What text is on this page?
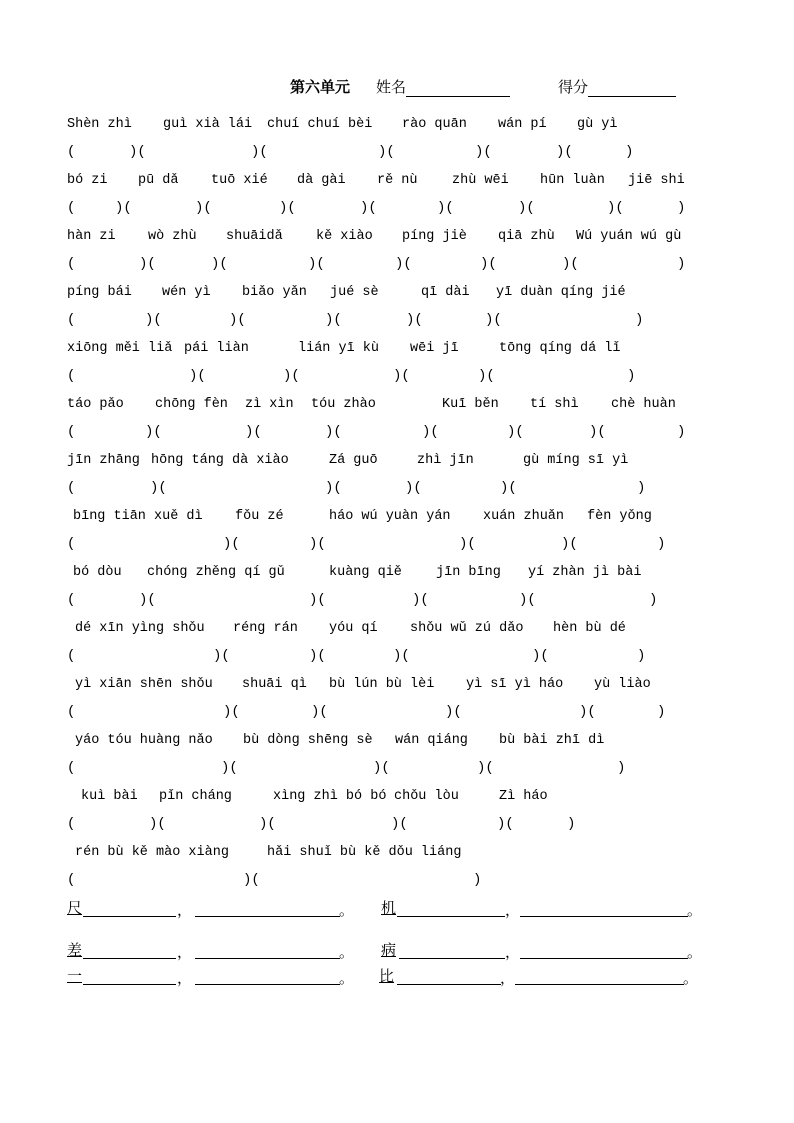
第六单元 姓名	得分
Shèn zhì guì xià lái chuí chuí bèi rào quān wán pí gù yì
(	)(	)(	)(	)(	)(	)
bó zi pū dǎ tuō xié dà gài rě nù	zhù wēi hūn luàn jiē shi
(	)(	)(	)(	)(	)(	)(	)(	)
hàn zi wò zhù shuāidǎ kě xiào píng jiè qiā zhù Wú yuán wú gù
(	)(	)(	)(	)(	)(	)(	)
píng bái wén yì biǎo yǎn jué sè	qī dài yī duàn qíng jié
(	)(	)(	)(	)(	)(	)
xiōng měi liǎ pái liàn	lián yī kù wēi jī	tōng qíng dá lǐ
(	)(	)(	)(	)(	)
táo pǎo chōng fèn zì xìn tóu zhào	Kuī běn tí shì chè huàn
(	)(	)(	)(	)(	)(	)(	)
jīn zhāng hōng táng dà xiào	Zá guō	zhì jīn	gù míng sī yì
(	)(	)(	)(	)(	)
bīng tiān xuě dì fǒu zé	háo wú yuàn yán xuán zhuǎn fèn yǒng
(	)(	)(	)(	)(	)
bó dòu chóng zhěng qí gǔ	kuàng qiě	jīn bīng yí zhàn jì bài
(	)(	)(	)(	)(	)
dé xīn yìng shǒu réng rán yóu qí shǒu wǔ zú dǎo hèn bù dé
(	)(	)(	)(	)(	)
yì xiān shēn shǒu shuāi qì bù lún bù lèi yì sī yì háo yù liào
(	)(	)(	)(	)(	)
yáo tóu huàng nǎo bù dòng shēng sè wán qiáng bù bài zhī dì
(	)(	)(	)(	)
kuì bài pǐn cháng	xìng zhì bó bó chǒu lòu	Zì háo
(	)(	)(	)(	)(	)
rén bù kě mào xiàng	hǎi shuǐ bù kě dǒu liáng
(	)(	)
尺	，	。 机	，	。
差	，	。 病	，	。
一	，	。 比	，	。
